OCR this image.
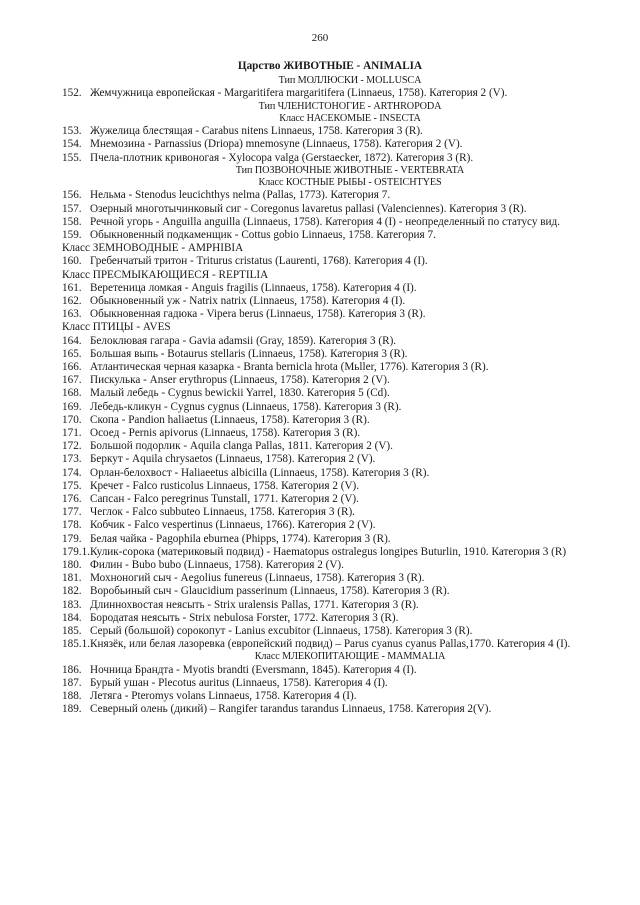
260
Царство ЖИВОТНЫЕ - ANIMALIA
Тип МОЛЛЮСКИ - MOLLUSCA
152. Жемчужница европейская - Margaritifera margaritifera (Linnaeus, 1758). Категория 2 (V).
Тип ЧЛЕНИСТОНОГИЕ - ARTHROPODA
Класс НАСЕКОМЫЕ - INSECTA
153. Жужелица блестящая - Carabus nitens Linnaeus, 1758. Категория 3 (R).
154. Мнемозина - Parnassius (Driopa) mnemosyne (Linnaeus, 1758). Категория 2 (V).
155. Пчела-плотник кривоногая - Xylocopa valga (Gerstaecker, 1872). Категория 3 (R).
Тип ПОЗВОНОЧНЫЕ ЖИВОТНЫЕ - VERTEBRATA
Класс КОСТНЫЕ РЫБЫ - OSTEICHTYES
156. Нельма - Stenodus leucichthys nelma (Pallas, 1773). Категория 7.
157. Озерный многотычинковый сиг - Coregonus lavaretus pallasi (Valenciennes). Категория 3 (R).
158. Речной угорь - Anguilla anguilla (Linnaeus, 1758). Категория 4 (I) - неопределенный по статусу вид.
159. Обыкновенный подкаменщик - Cottus gobio Linnaeus, 1758. Категория 7.
Класс ЗЕМНОВОДНЫЕ - AMPHIBIA
160. Гребенчатый тритон - Triturus cristatus (Laurenti, 1768). Категория 4 (I).
Класс ПРЕСМЫКАЮЩИЕСЯ - REPTILIA
161. Веретеница ломкая - Anguis fragilis (Linnaeus, 1758). Категория 4 (I).
162. Обыкновенный уж - Natrix natrix (Linnaeus, 1758). Категория 4 (I).
163. Обыкновенная гадюка - Vipera berus (Linnaeus, 1758). Категория 3 (R).
Класс ПТИЦЫ - AVES
164. Белоклювая гагара - Gavia adamsii (Gray, 1859). Категория 3 (R).
165. Большая выпь - Botaurus stellaris (Linnaeus, 1758). Категория 3 (R).
166. Атлантическая черная казарка - Branta bernicla hrota (Mьller, 1776). Категория 3 (R).
167. Пискулька - Anser erythropus (Linnaeus, 1758). Категория 2 (V).
168. Малый лебедь - Cygnus bewickii Yarrel, 1830. Категория 5 (Cd).
169. Лебедь-кликун - Cygnus cygnus (Linnaeus, 1758). Категория 3 (R).
170. Скопа - Pandion haliaetus (Linnaeus, 1758). Категория 3 (R).
171. Осоед - Pernis apivorus (Linnaeus, 1758). Категория 3 (R).
172. Большой подорлик - Aquila clanga Pallas, 1811. Категория 2 (V).
173. Беркут - Aquila chrysaetos (Linnaeus, 1758). Категория 2 (V).
174. Орлан-белохвост - Haliaeetus albicilla (Linnaeus, 1758). Категория 3 (R).
175. Кречет - Falco rusticolus Linnaeus, 1758. Категория 2 (V).
176. Сапсан - Falco peregrinus Tunstall, 1771. Категория 2 (V).
177. Чеглок - Falco subbuteo Linnaeus, 1758. Категория 3 (R).
178. Кобчик - Falco vespertinus (Linnaeus, 1766). Категория 2 (V).
179. Белая чайка - Pagophila eburnea (Phipps, 1774). Категория 3 (R).
179.1. Кулик-сорока (материковый подвид) - Haematopus ostralegus longipes Buturlin, 1910. Категория 3 (R)
180. Филин - Bubo bubo (Linnaeus, 1758). Категория 2 (V).
181. Мохноногий сыч - Aegolius funereus (Linnaeus, 1758). Категория 3 (R).
182. Воробьиный сыч - Glaucidium passerinum (Linnaeus, 1758). Категория 3 (R).
183. Длиннохвостая неясыть - Strix uralensis Pallas, 1771. Категория 3 (R).
184. Бородатая неясыть - Strix nebulosa Forster, 1772. Категория 3 (R).
185. Серый (большой) сорокопут - Lanius excubitor (Linnaeus, 1758). Категория 3 (R).
185.1. Князёк, или белая лазоревка (европейский подвид) – Parus cyanus cyanus Pallas,1770. Категория 4 (I).
Класс МЛЕКОПИТАЮЩИЕ - MAMMALIA
186. Ночница Брандта - Myotis brandti (Eversmann, 1845). Категория 4 (I).
187. Бурый ушан - Plecotus auritus (Linnaeus, 1758). Категория 4 (I).
188. Летяга - Pteromys volans Linnaeus, 1758. Категория 4 (I).
189. Северный олень (дикий) – Rangifer tarandus tarandus Linnaeus, 1758. Категория 2(V).
